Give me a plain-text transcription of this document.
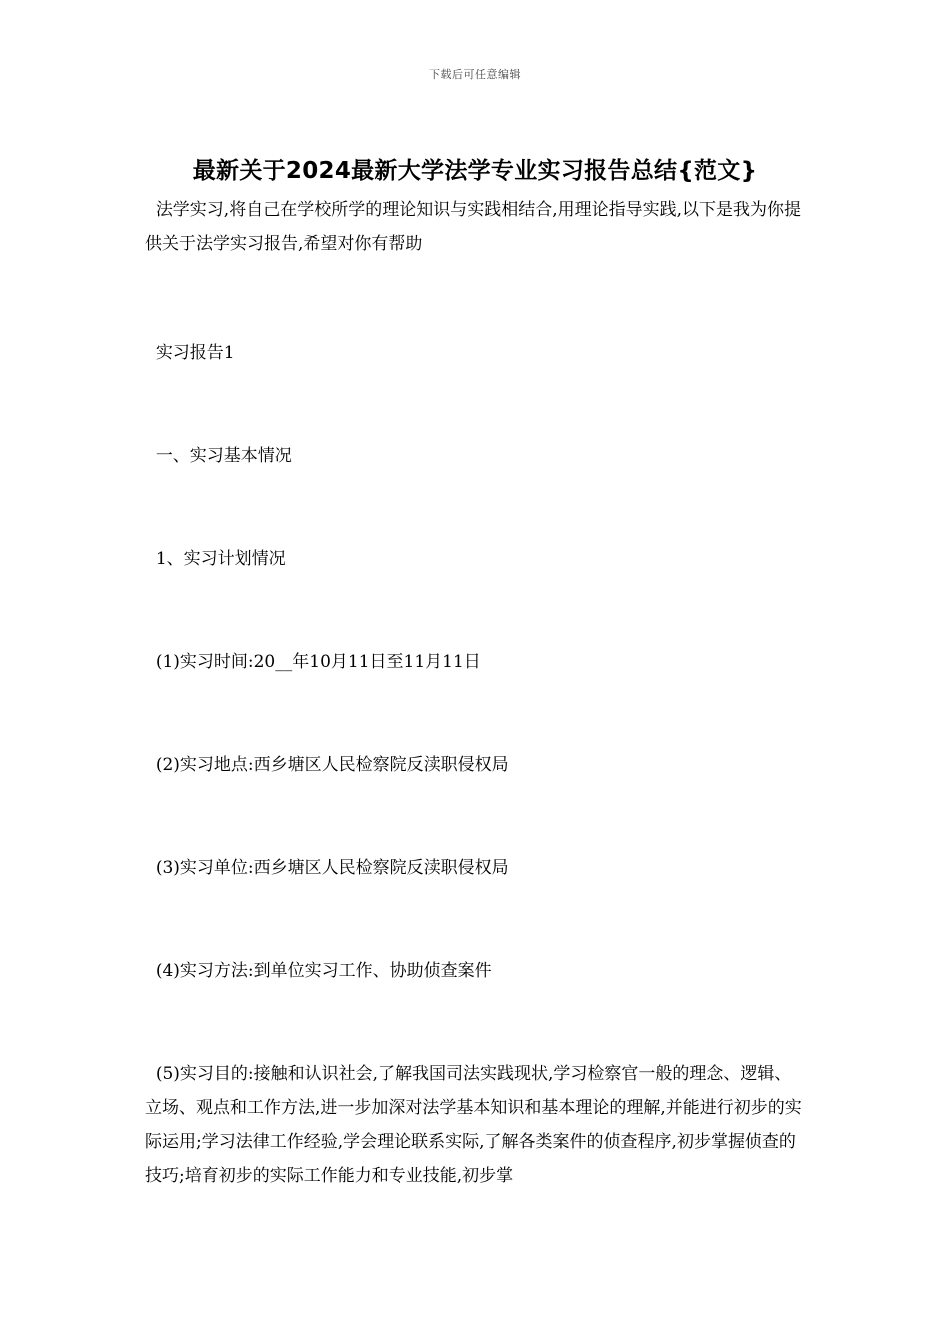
下载后可任意编辑
最新关于2024最新大学法学专业实习报告总结{范文}
法学实习,将自己在学校所学的理论知识与实践相结合,用理论指导实践,以下是我为你提供关于法学实习报告,希望对你有帮助
实习报告1
一、实习基本情况
1、实习计划情况
(1)实习时间:20__年10月11日至11月11日
(2)实习地点:西乡塘区人民检察院反渎职侵权局
(3)实习单位:西乡塘区人民检察院反渎职侵权局
(4)实习方法:到单位实习工作、协助侦查案件
(5)实习目的:接触和认识社会,了解我国司法实践现状,学习检察官一般的理念、逻辑、立场、观点和工作方法,进一步加深对法学基本知识和基本理论的理解,并能进行初步的实际运用;学习法律工作经验,学会理论联系实际,了解各类案件的侦查程序,初步掌握侦查的技巧;培育初步的实际工作能力和专业技能,初步掌
